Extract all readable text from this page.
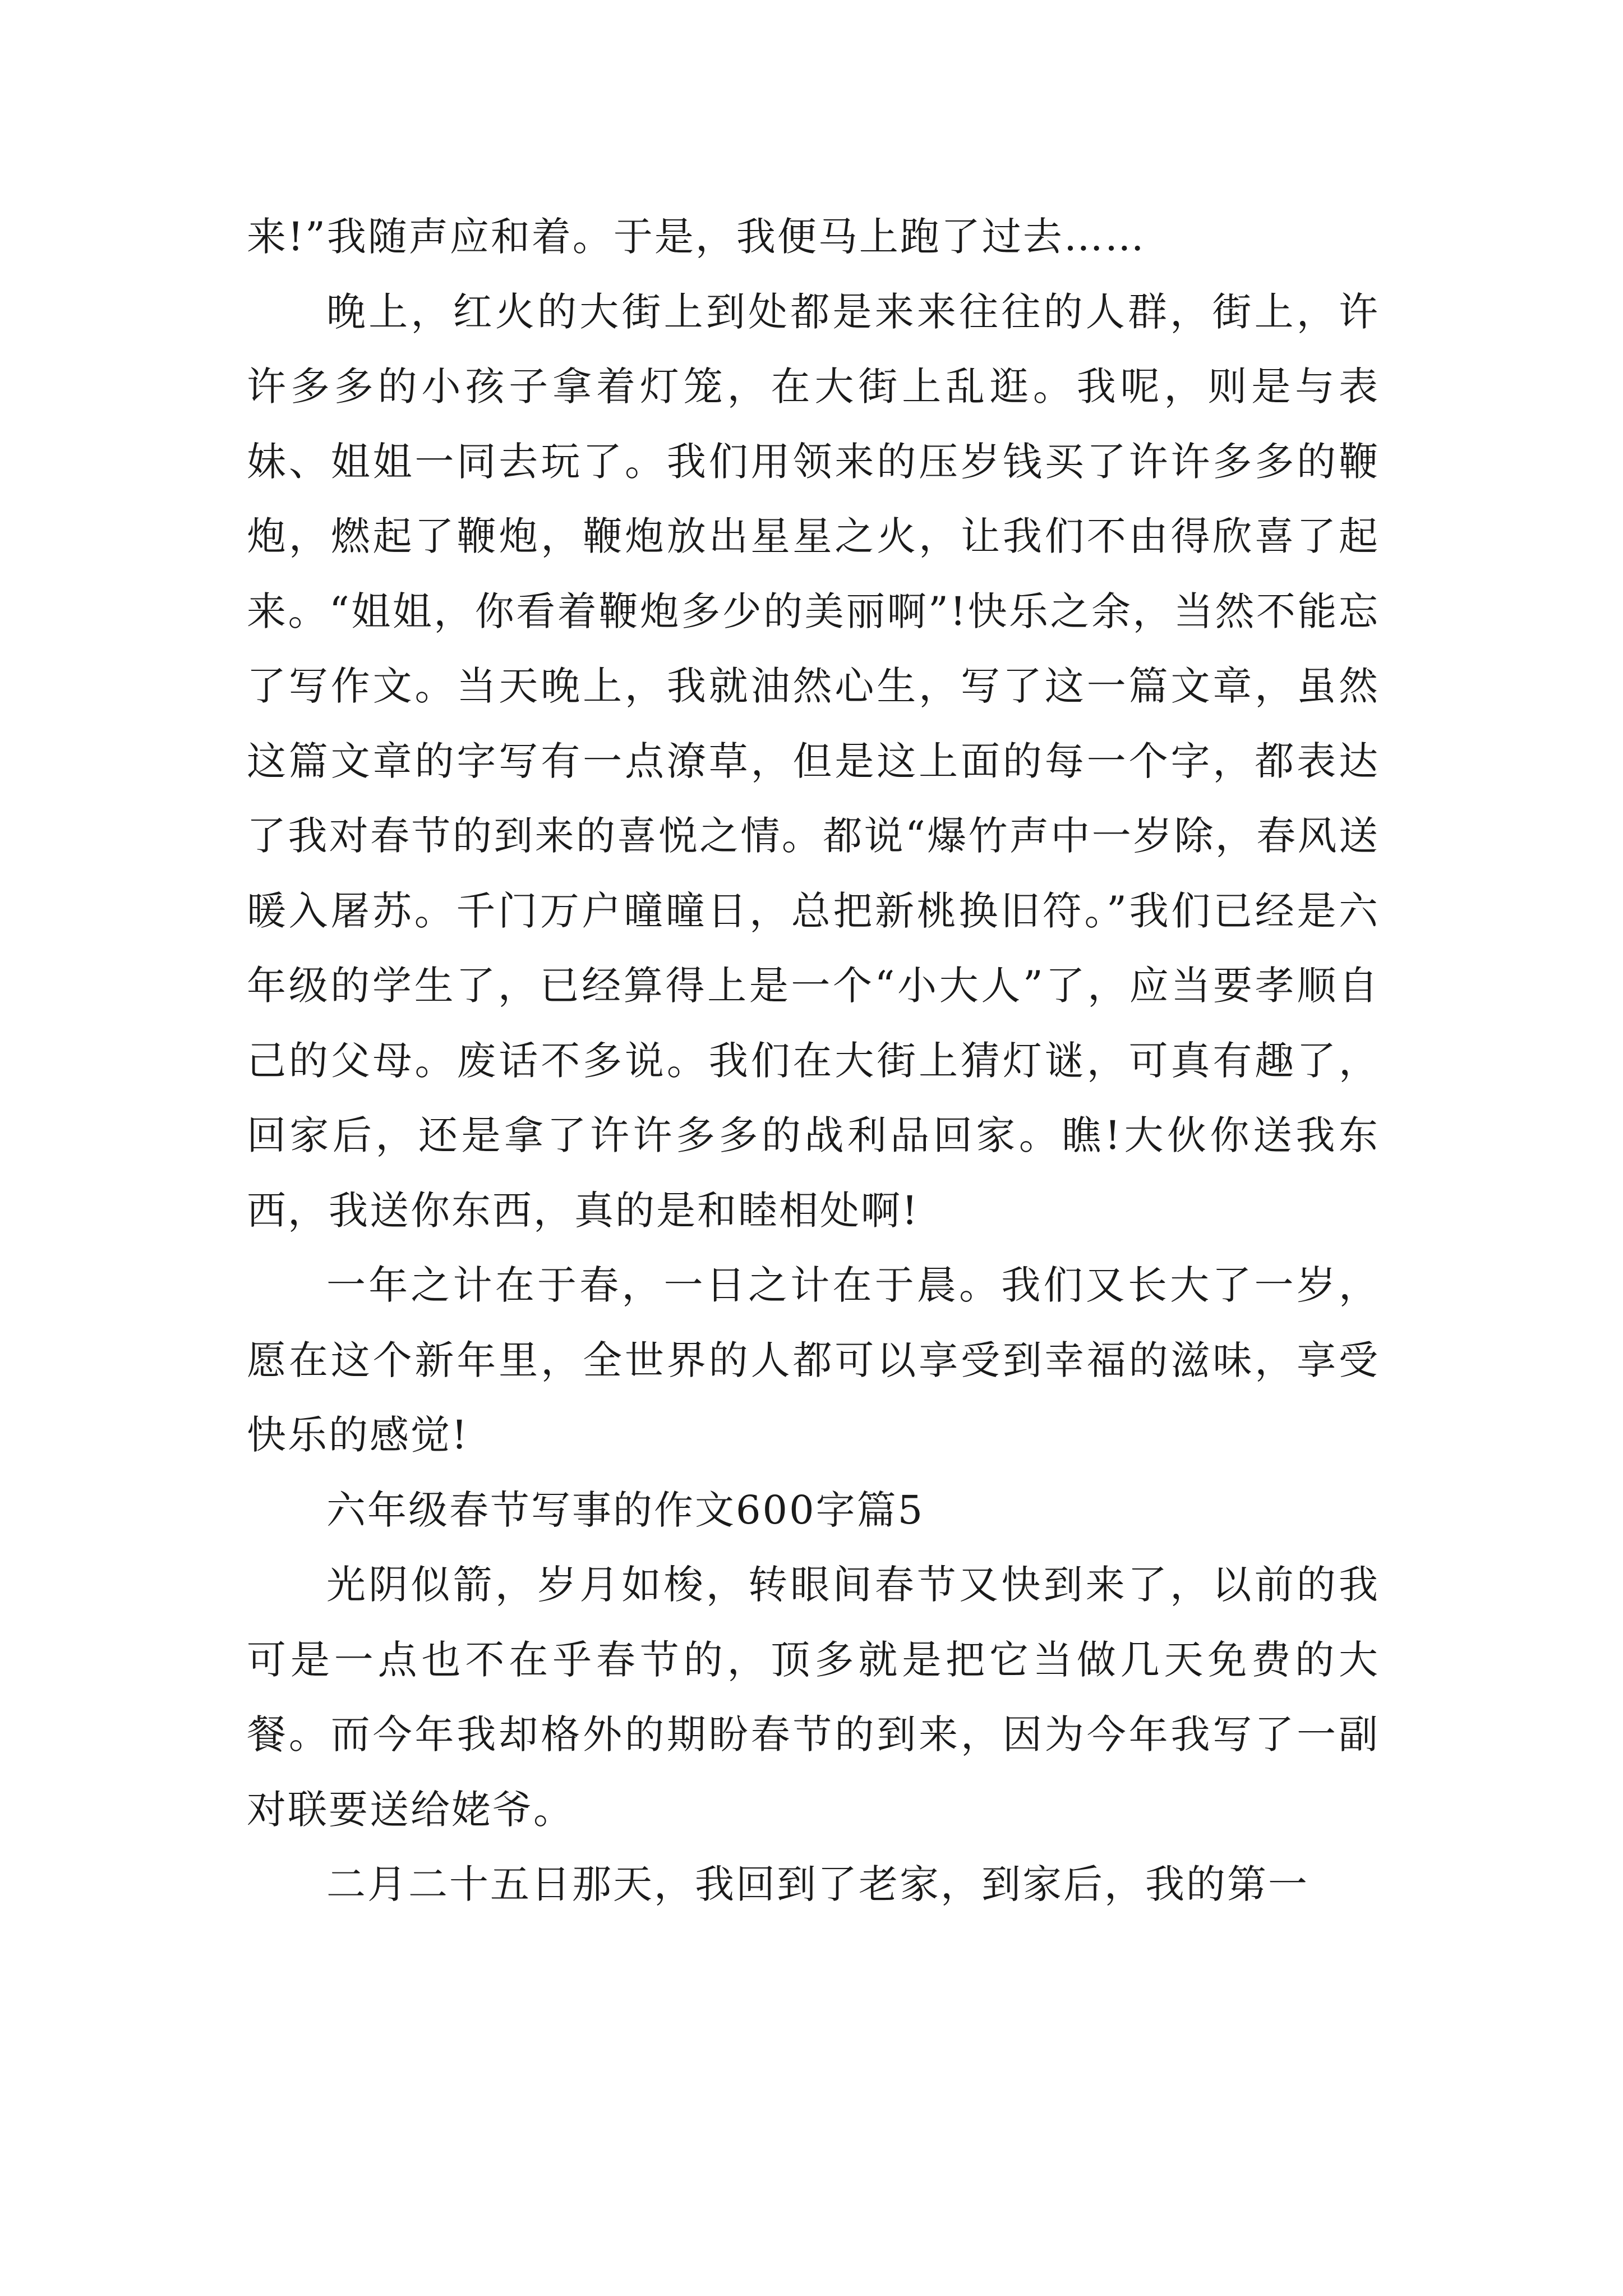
来!”我随声应和着。于是，我便马上跑了过去……

晚上，红火的大街上到处都是来来往往的人群，街上，许许多多的小孩子拿着灯笼，在大街上乱逛。我呢，则是与表妹、姐姐一同去玩了。我们用领来的压岁钱买了许许多多的鞭炮，燃起了鞭炮，鞭炮放出星星之火，让我们不由得欣喜了起来。“姐姐，你看着鞭炮多少的美丽啊”!快乐之余，当然不能忘了写作文。当天晚上，我就油然心生，写了这一篇文章，虽然这篇文章的字写有一点潦草，但是这上面的每一个字，都表达了我对春节的到来的喜悦之情。都说“爆竹声中一岁除，春风送暖入屠苏。千门万户曈曈日，总把新桃换旧符。”我们已经是六年级的学生了，已经算得上是一个“小大人”了，应当要孝顺自己的父母。废话不多说。我们在大街上猜灯谜，可真有趣了，回家后，还是拿了许许多多的战利品回家。瞧!大伙你送我东西，我送你东西，真的是和睦相处啊!

一年之计在于春，一日之计在于晨。我们又长大了一岁，愿在这个新年里，全世界的人都可以享受到幸福的滋味，享受快乐的感觉!

六年级春节写事的作文600字篇5

光阴似箭，岁月如梭，转眼间春节又快到来了，以前的我可是一点也不在乎春节的，顶多就是把它当做几天免费的大餐。而今年我却格外的期盼春节的到来，因为今年我写了一副对联要送给姥爷。

二月二十五日那天，我回到了老家，到家后，我的第一
